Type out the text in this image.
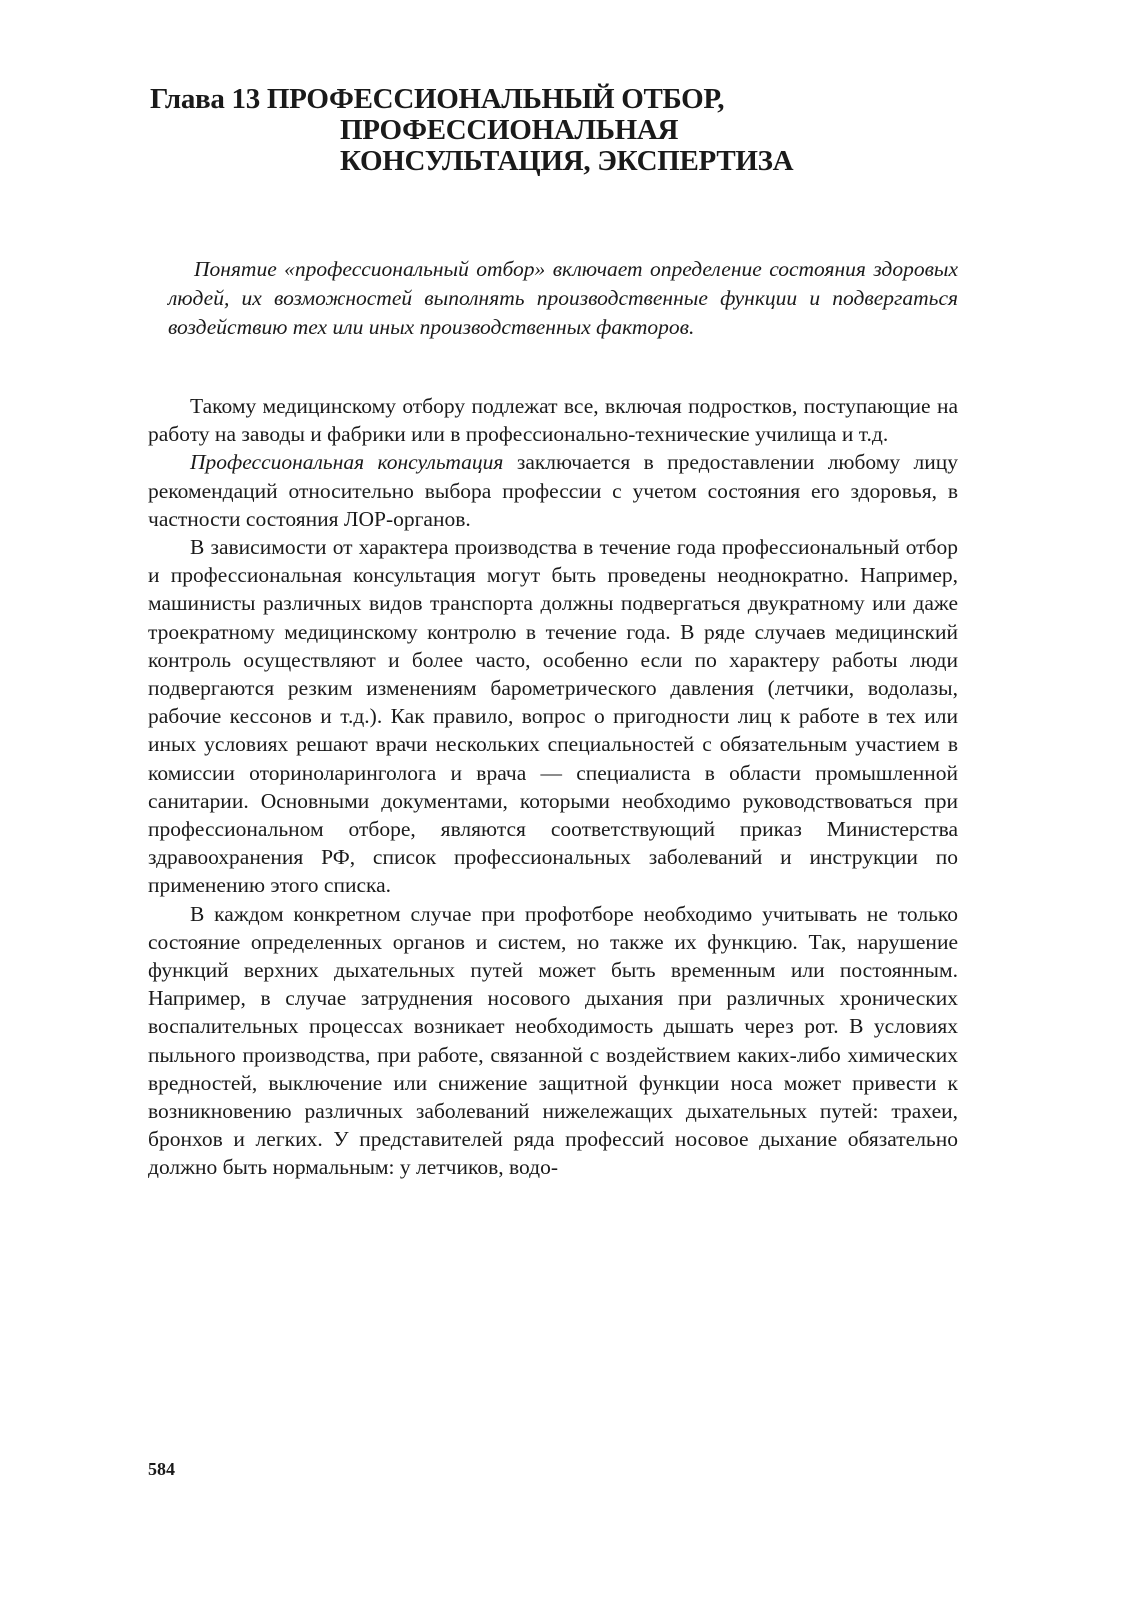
Глава 13 ПРОФЕССИОНАЛЬНЫЙ ОТБОР,
ПРОФЕССИОНАЛЬНАЯ
КОНСУЛЬТАЦИЯ, ЭКСПЕРТИЗА

Понятие «профессиональный отбор» включает определение состояния здоровых людей, их возможностей выполнять производственные функции и подвергаться воздействию тех или иных производственных факторов.

Такому медицинскому отбору подлежат все, включая подростков, поступающие на работу на заводы и фабрики или в профессионально-технические училища и т.д.

Профессиональная консультация заключается в предоставлении любому лицу рекомендаций относительно выбора профессии с учетом состояния его здоровья, в частности состояния ЛОР-органов.

В зависимости от характера производства в течение года профессиональный отбор и профессиональная консультация могут быть проведены неоднократно. Например, машинисты различных видов транспорта должны подвергаться двукратному или даже троекратному медицинскому контролю в течение года. В ряде случаев медицинский контроль осуществляют и более часто, особенно если по характеру работы люди подвергаются резким изменениям барометрического давления (летчики, водолазы, рабочие кессонов и т.д.). Как правило, вопрос о пригодности лиц к работе в тех или иных условиях решают врачи нескольких специальностей с обязательным участием в комиссии оториноларинголога и врача — специалиста в области промышленной санитарии. Основными документами, которыми необходимо руководствоваться при профессиональном отборе, являются соответствующий приказ Министерства здравоохранения РФ, список профессиональных заболеваний и инструкции по применению этого списка.

В каждом конкретном случае при профотборе необходимо учитывать не только состояние определенных органов и систем, но также их функцию. Так, нарушение функций верхних дыхательных путей может быть временным или постоянным. Например, в случае затруднения носового дыхания при различных хронических воспалительных процессах возникает необходимость дышать через рот. В условиях пыльного производства, при работе, связанной с воздействием каких-либо химических вредностей, выключение или снижение защитной функции носа может привести к возникновению различных заболеваний нижележащих дыхательных путей: трахеи, бронхов и легких. У представителей ряда профессий носовое дыхание обязательно должно быть нормальным: у летчиков, водо-

584
